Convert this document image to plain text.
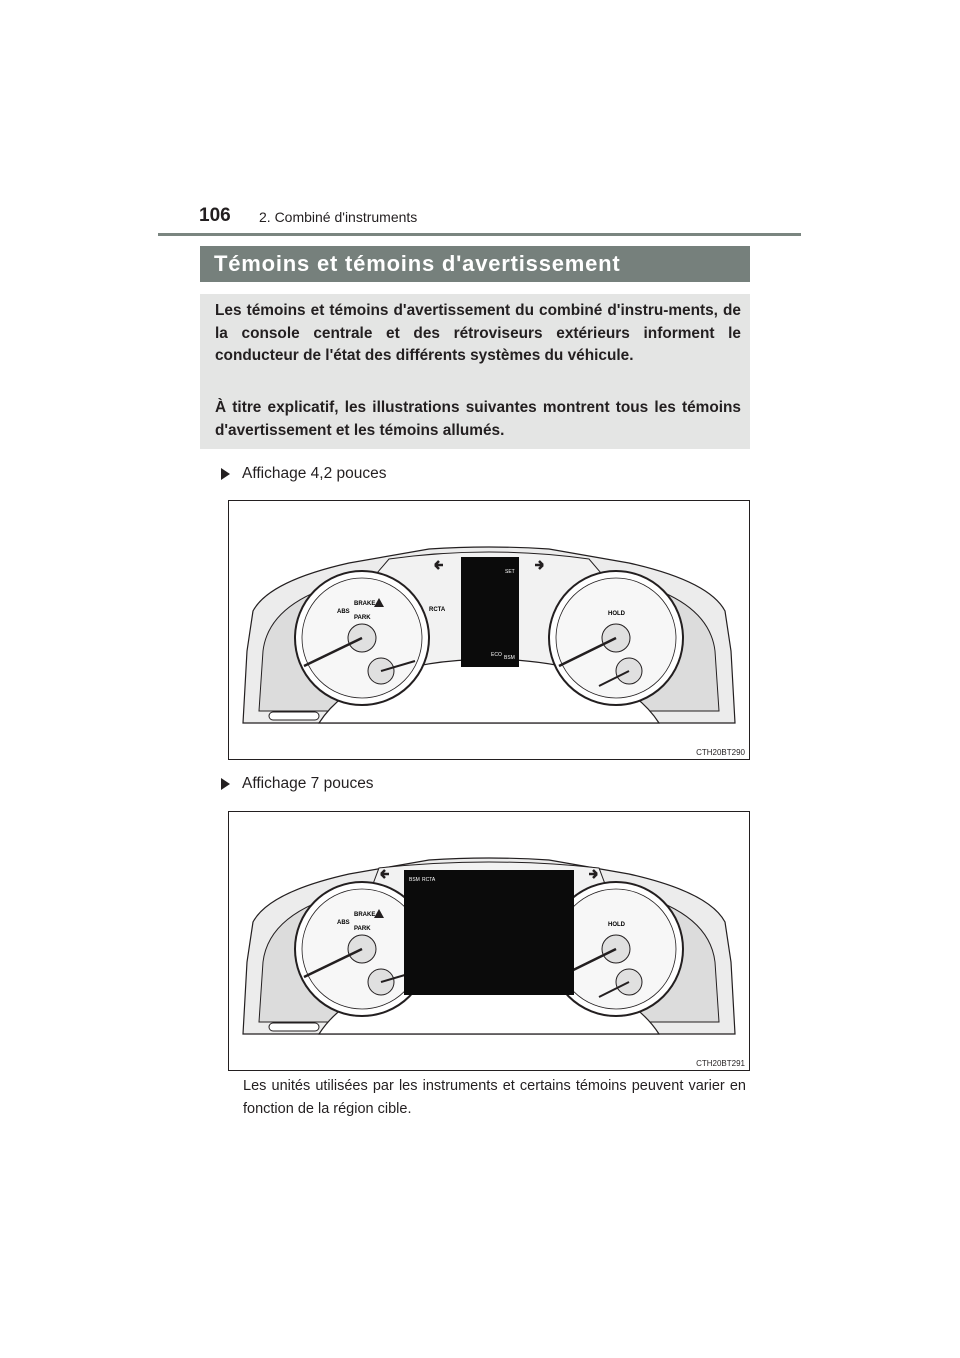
106 2. Combiné d'instruments
Témoins et témoins d'avertissement

Les témoins et témoins d'avertissement du combiné d'instru-ments, de la console centrale et des rétroviseurs extérieurs informent le conducteur de l'état des différents systèmes du véhicule.

À titre explicatif, les illustrations suivantes montrent tous les témoins d'avertissement et les témoins allumés.

Affichage 4,2 pouces
BRAKE
ABS
PARK
HOLD
RCTA
SET
ECO BSM
CTH20BT290
Affichage 7 pouces
BRAKE
ABS
PARK
HOLD
BSM RCTA
CTH20BT291

Les unités utilisées par les instruments et certains témoins peuvent varier en fonction de la région cible.
